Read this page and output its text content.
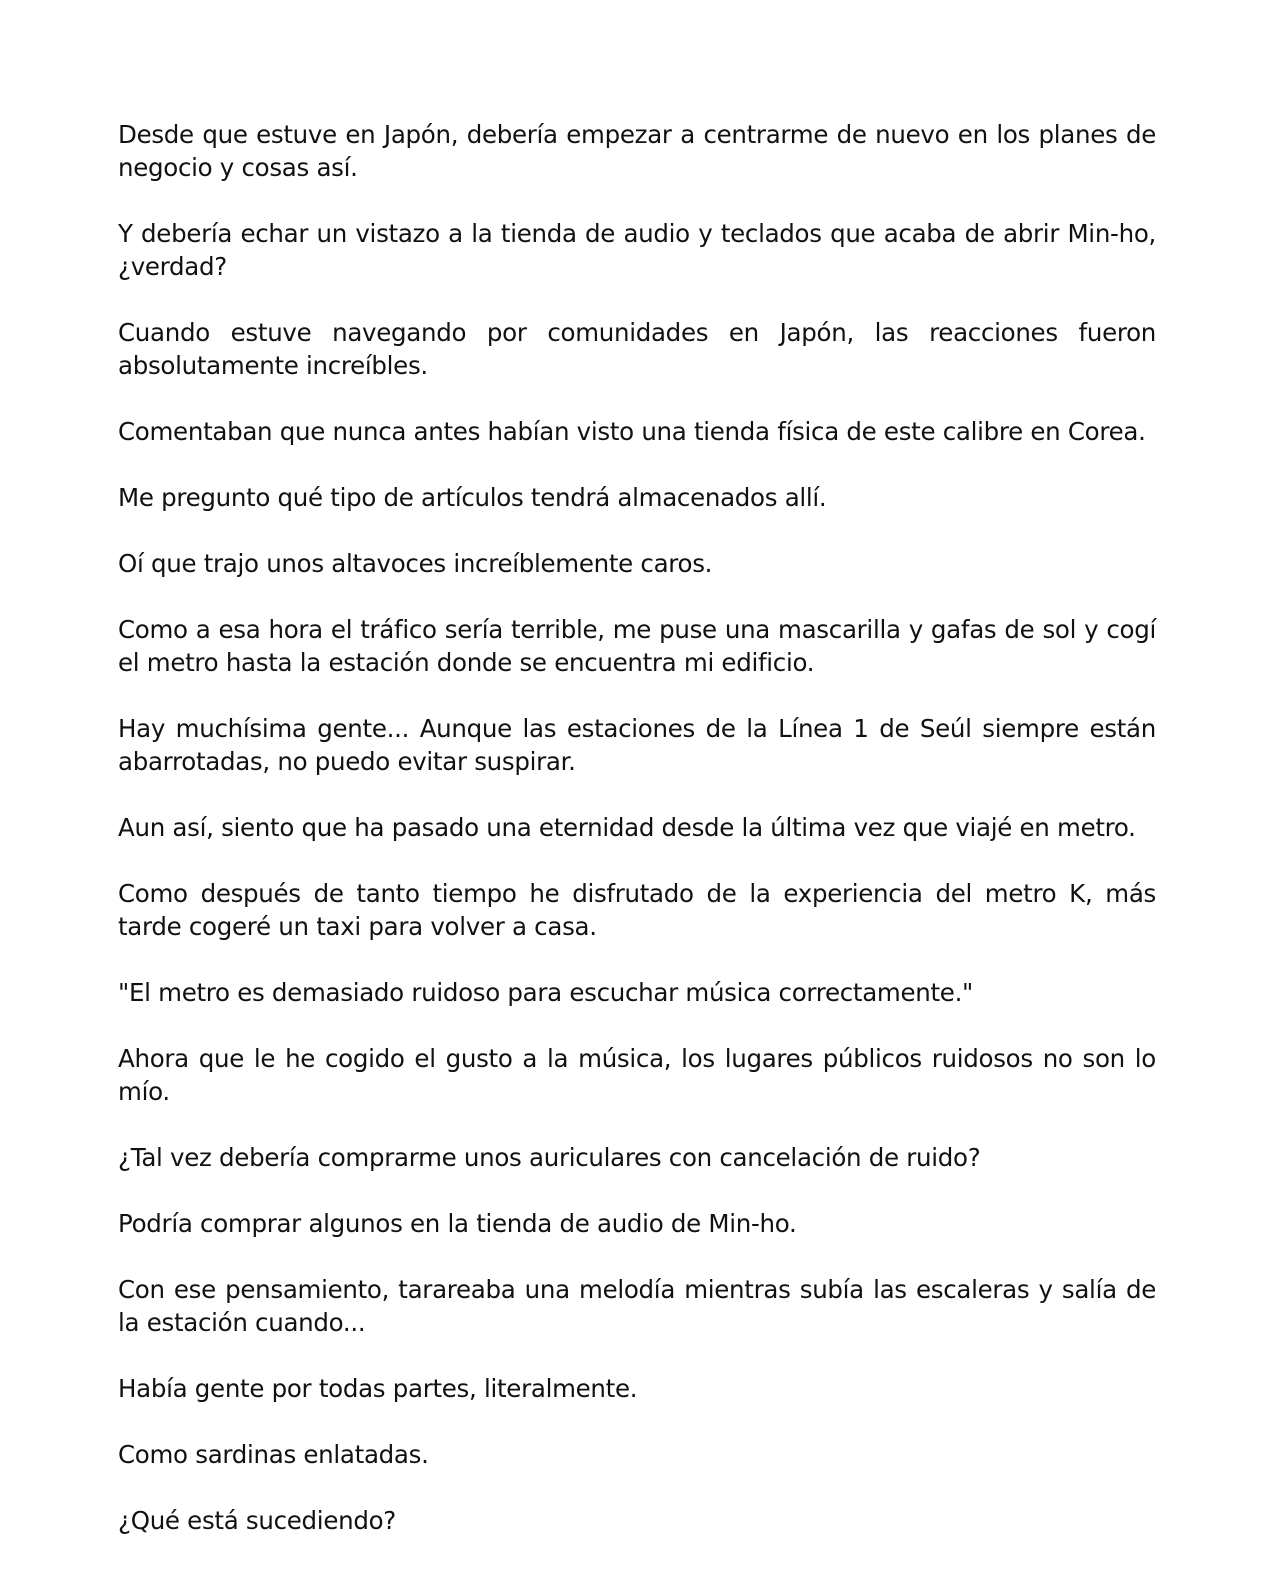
Desde que estuve en Japón, debería empezar a centrarme de nuevo en los planes de negocio y cosas así.

Y debería echar un vistazo a la tienda de audio y teclados que acaba de abrir Min-ho, ¿verdad?

Cuando estuve navegando por comunidades en Japón, las reacciones fueron absolutamente increíbles.

Comentaban que nunca antes habían visto una tienda física de este calibre en Corea.

Me pregunto qué tipo de artículos tendrá almacenados allí.

Oí que trajo unos altavoces increíblemente caros.

Como a esa hora el tráfico sería terrible, me puse una mascarilla y gafas de sol y cogí el metro hasta la estación donde se encuentra mi edificio.

Hay muchísima gente... Aunque las estaciones de la Línea 1 de Seúl siempre están abarrotadas, no puedo evitar suspirar.

Aun así, siento que ha pasado una eternidad desde la última vez que viajé en metro.

Como después de tanto tiempo he disfrutado de la experiencia del metro K, más tarde cogeré un taxi para volver a casa.

"El metro es demasiado ruidoso para escuchar música correctamente."

Ahora que le he cogido el gusto a la música, los lugares públicos ruidosos no son lo mío.

¿Tal vez debería comprarme unos auriculares con cancelación de ruido?

Podría comprar algunos en la tienda de audio de Min-ho.

Con ese pensamiento, tarareaba una melodía mientras subía las escaleras y salía de la estación cuando...

Había gente por todas partes, literalmente.

Como sardinas enlatadas.

¿Qué está sucediendo?
